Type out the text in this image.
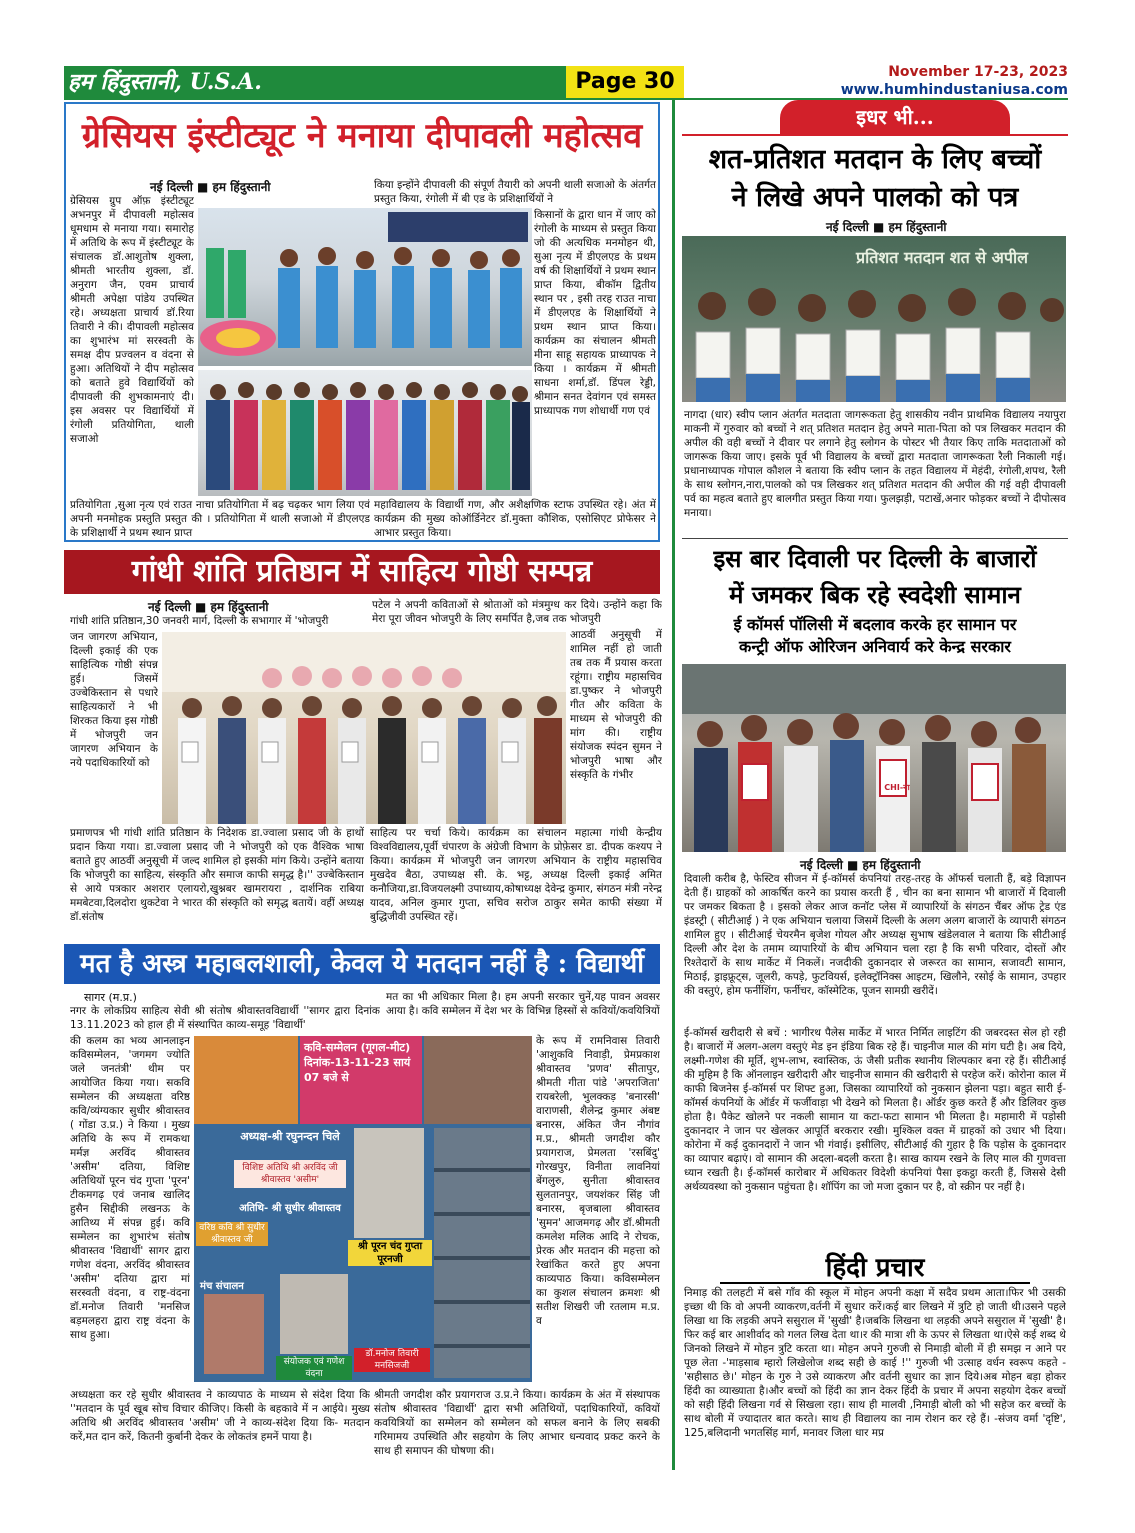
हम हिंदुस्तानी, U.S.A.	Page 30	November 17-23, 2023
www.humhindustaniusa.com
ग्रेसियस इंस्टीट्यूट ने मनाया दीपावली महोत्सव
नई दिल्ली ■ हम हिंदुस्तानी
ग्रेसियस ग्रुप ऑफ़ इंस्टीट्यूट अभनपुर में दीपावली महोत्सव धूमधाम से मनाया गया। समारोह में अतिथि के रूप में इंस्टीट्यूट के संचालक डॉ.आशुतोष शुक्ला, श्रीमती भारतीय शुक्ला, डॉ. अनुराग जैन, एवम प्राचार्य श्रीमती अपेक्षा पांडेय उपस्थित रहे। अध्यक्षता प्राचार्य डॉ.रिया तिवारी ने की। दीपावली महोत्सव का शुभारंभ मां सरस्वती के समक्ष दीप प्रज्वलन व वंदना से हुआ। अतिथियों ने दीप महोत्सव को बताते हुवे विद्यार्थियों को दीपावली की शुभकामनाएं दी। इस अवसर पर विद्यार्थियों में रंगोली प्रतियोगिता, थाली सजाओ
किया इन्होंने दीपावली की संपूर्ण तैयारी को अपनी थाली सजाओ के अंतर्गत प्रस्तुत किया, रंगोली में बी एड के प्रशिक्षार्थियों ने
किसानों के द्वारा धान में जाए को रंगोली के माध्यम से प्रस्तुत किया जो की अत्यधिक मनमोहन थी, सुआ नृत्य में डीएलएड के प्रथम वर्ष की शिक्षार्थियों ने प्रथम स्थान प्राप्त किया, बीकॉम द्वितीय स्थान पर , इसी तरह राउत नाचा में डीएलएड के शिक्षार्थियों ने प्रथम स्थान प्राप्त किया। कार्यक्रम का संचालन श्रीमती मीना साहू सहायक प्राध्यापक ने किया । कार्यक्रम में श्रीमती साधना शर्मा,डॉ. डिंपल रेड्डी, श्रीमान सनत देवांगन एवं समस्त प्राध्यापक गण शोधार्थी गण एवं
प्रतियोगिता ,सुआ नृत्य एवं राउत नाचा प्रतियोगिता में बढ़ चढ़कर भाग लिया एवं अपनी मनमोहक प्रस्तुति प्रस्तुत की । प्रतियोगिता में थाली सजाओ में डीएलएड के प्रशिक्षार्थी ने प्रथम स्थान प्राप्त
महाविद्यालय के विद्यार्थी गण, और अशैक्षणिक स्टाफ उपस्थित रहे। अंत में कार्यक्रम की मुख्य कोऑर्डिनेटर डॉ.मुक्ता कौशिक, एसोसिएट प्रोफेसर ने आभार प्रस्तुत किया।
गांधी शांति प्रतिष्ठान में साहित्य गोष्ठी सम्पन्न
नई दिल्ली ■ हम हिंदुस्तानी
गांधी शांति प्रतिष्ठान,30 जनवरी मार्ग, दिल्ली के सभागार में 'भोजपुरी
जन जागरण अभियान, दिल्ली इकाई की एक साहित्यिक गोष्ठी संपन्न हुई। जिसमें उज्बेकिस्तान से पधारे साहित्यकारों ने भी शिरकत किया इस गोष्ठी में भोजपुरी जन जागरण अभियान के नये पदाधिकारियों को
पटेल ने अपनी कविताओं से श्रोताओं को मंत्रमुग्ध कर दिये। उन्होंने कहा कि मेरा पूरा जीवन भोजपुरी के लिए समर्पित है,जब तक भोजपुरी
आठवीं अनुसूची में शामिल नहीं हो जाती तब तक मैं प्रयास करता रहूंगा। राष्ट्रीय महासचिव डा.पुष्कर ने भोजपुरी गीत और कविता के माध्यम से भोजपुरी की मांग की। राष्ट्रीय संयोजक स्पंदन सुमन ने भोजपुरी भाषा और संस्कृति के गंभीर
प्रमाणपत्र भी गांधी शांति प्रतिष्ठान के निदेशक डा.ज्वाला प्रसाद जी के हाथों प्रदान किया गया। डा.ज्वाला प्रसाद जी ने भोजपुरी को एक वैश्विक भाषा बताते हुए आठवीं अनुसूची में जल्द शामिल हो इसकी मांग किये। उन्होंने बताया कि भोजपुरी का साहित्य, संस्कृति और समाज काफी समृद्ध है।'' उज्बेकिस्तान से आये पत्रकार अशरार एलायरो,खुश्नबर खामरायरा , दार्शनिक राबिया ममबेटवा,दिलदोरा थुकटेवा ने भारत की संस्कृति को समृद्ध बतायें। वहीं अध्यक्ष डॉ.संतोष
साहित्य पर चर्चा किये। कार्यक्रम का संचालन महात्मा गांधी केन्द्रीय विश्वविद्यालय,पूर्वी चंपारण के अंग्रेजी विभाग के प्रोफ़ेसर डा. दीपक कश्यप ने किया। कार्यक्रम में भोजपुरी जन जागरण अभियान के राष्ट्रीय महासचिव मुखदेव बैठा, उपाध्यक्ष सी. के. भट्ट, अध्यक्ष दिल्ली इकाई अमित कनौजिया,डा.विजयलक्ष्मी उपाध्याय,कोषाध्यक्ष देवेन्द्र कुमार, संगठन मंत्री नरेन्द्र यादव, अनिल कुमार गुप्ता, सचिव सरोज ठाकुर समेत काफी संख्या में बुद्धिजीवी उपस्थित रहें।
मत है अस्त्र महाबलशाली, केवल ये मतदान नहीं है : विद्यार्थी
सागर (म.प्र.)
नगर के लोकप्रिय साहित्य सेवी श्री संतोष श्रीवास्तवविद्यार्थी ''सागर द्वारा दिनांक 13.11.2023 को हाल ही में संस्थापित काव्य-समूह 'विद्यार्थी'
की कलम का भव्य आनलाइन कविसम्मेलन, 'जगमग ज्योति जले जनतंत्री' थीम पर आयोजित किया गया। सकवि सम्मेलन की अध्यक्षता वरिष्ठ कवि/व्यंग्यकार सुधीर श्रीवास्तव ( गोंडा उ.प्र.) ने किया । मुख्य अतिथि के रूप में रामकथा मर्मज्ञ अरविंद श्रीवास्तव 'असीम' दतिया, विशिष्ट अतिथियों पूरन चंद गुप्ता 'पूरन' टीकमगढ़ एवं जनाब खालिद हुसैन सिद्दीकी लखनऊ के आतिथ्य में संपन्न हुई। कवि सम्मेलन का शुभारंभ संतोष श्रीवास्तव 'विद्यार्थी' सागर द्वारा गणेश वंदना, अरविंद श्रीवास्तव 'असीम' दतिया द्वारा मां सरस्वती वंदना, व राष्ट्र-वंदना डॉ.मनोज तिवारी 'मनसिज बड़मलहरा द्वारा राष्ट्र वंदना के साथ हुआ।
मत का भी अधिकार मिला है। हम अपनी सरकार चुनें,यह पावन अवसर आया है। कवि सम्मेलन में देश भर के विभिन्न हिस्सों से कवियों/कवयित्रियों
के रूप में रामनिवास तिवारी 'आशुकवि निवाड़ी, प्रेमप्रकाश श्रीवास्तव 'प्रणव' सीतापुर, श्रीमती गीता पांडे 'अपराजिता' रायबरेली, भुलक्कड़ 'बनारसी' वाराणसी, शैलेन्द्र कुमार अंबष्ट बनारस, अंकित जैन नौगांव म.प्र., श्रीमती जगदीश कौर प्रयागराज, प्रेमलता 'रसबिंदु' गोरखपुर, विनीता लावनियां बेंगलुरु, सुनीता श्रीवास्तव सुलतानपुर, जयशंकर सिंह जी बनारस, बृजबाला श्रीवास्तव 'सुमन' आजमगढ़ और डॉ.श्रीमती कमलेश मलिक आदि ने रोचक, प्रेरक और मतदान की महत्ता को रेखांकित करते हुए अपना काव्यपाठ किया। कविसम्मेलन का कुशल संचालन क्रमशः श्री सतीश शिखरी जी रतलाम म.प्र. व
कवि-सम्मेलन (गूगल-मीट) दिनांक-13-11-23 सायं 07 बजे से
अध्यक्ष-श्री रघुनन्दन चिले
विशिष्ट अतिथि श्री अरविंद जी श्रीवास्तव 'असीम'
अतिथि- श्री सुधीर श्रीवास्तव
वरिष्ठ कवि श्री सुधीर श्रीवास्तव जी
श्री पूरन चंद गुप्ता पूरनजी
मंच संचालन
संयोजक एवं गणेश वंदना
डॉ.मनोज तिवारी मनसिजजी
अध्यक्षता कर रहे सुधीर श्रीवास्तव ने काव्यपाठ के माध्यम से संदेश दिया कि ''मतदान के पूर्व खूब सोच विचार कीजिए। किसी के बहकावे में न आईये। मुख्य अतिथि श्री अरविंद श्रीवास्तव 'असीम' जी ने काव्य-संदेश दिया कि- मतदान करें,मत दान करें, कितनी कुर्बानी देकर के लोकतंत्र हमनें पाया है।
श्रीमती जगदीश कौर प्रयागराज उ.प्र.ने किया। कार्यक्रम के अंत में संस्थापक संतोष श्रीवास्तव 'विद्यार्थी' द्वारा सभी अतिथियों, पदाधिकारियों, कवियों कवयित्रियों का सम्मेलन को सम्मेलन को सफल बनाने के लिए सबकी गरिमामय उपस्थिति और सहयोग के लिए आभार धन्यवाद प्रकट करने के साथ ही समापन की घोषणा की।
इधर भी...
शत-प्रतिशत मतदान के लिए बच्चों
ने लिखे अपने पालको को पत्र
नई दिल्ली ■ हम हिंदुस्तानी
प्रतिशत मतदान शत से अपील
नागदा (धार) स्वीप प्लान अंतर्गत मतदाता जागरूकता हेतु शासकीय नवीन प्राथमिक विद्यालय नयापुरा माकनी में गुरुवार को बच्चों ने शत् प्रतिशत मतदान हेतु अपने माता-पिता को पत्र लिखकर मतदान की अपील की वही बच्चों ने दीवार पर लगाने हेतु स्लोगन के पोस्टर भी तैयार किए ताकि मतदाताओं को जागरूक किया जाए। इसके पूर्व भी विद्यालय के बच्चों द्वारा मतदाता जागरूकता रैली निकाली गई। प्रधानाध्यापक गोपाल कौशल ने बताया कि स्वीप प्लान के तहत विद्यालय में मेहंदी, रंगोली,शपथ, रैली के साथ स्लोगन,नारा,पालको को पत्र लिखकर शत् प्रतिशत मतदान की अपील की गई वही दीपावली पर्व का महत्व बताते हुए बालगीत प्रस्तुत किया गया। फुलझड़ी, पटाखें,अनार फोड़कर बच्चों ने दीपोत्सव मनाया।
इस बार दिवाली पर दिल्ली के बाजारों
में जमकर बिक रहे स्वदेशी सामान
ई कॉमर्स पॉलिसी में बदलाव करके हर सामान पर
कन्ट्री ऑफ ओरिजन अनिवार्य करे केन्द्र सरकार
CHI-ना
नई दिल्ली ■ हम हिंदुस्तानी
दिवाली करीब है, फेस्टिव सीजन में ई-कॉमर्स कंपनियां तरह-तरह के ऑफर्स चलाती हैं, बड़े विज्ञापन देती हैं। ग्राहकों को आकर्षित करने का प्रयास करती हैं , चीन का बना सामान भी बाजारों में दिवाली पर जमकर बिकता है । इसको लेकर आज कनॉट प्लेस में व्यापारियों के संगठन चैंबर ऑफ ट्रेड एंड इंडस्ट्री ( सीटीआई ) ने एक अभियान चलाया जिसमें दिल्ली के अलग अलग बाजारों के व्यापारी संगठन शामिल हुए । सीटीआई चेयरमैन बृजेश गोयल और अध्यक्ष सुभाष खंडेलवाल ने बताया कि सीटीआई दिल्ली और देश के तमाम व्यापारियों के बीच अभियान चला रहा है कि सभी परिवार, दोस्तों और रिश्तेदारों के साथ मार्केट में निकलें। नजदीकी दुकानदार से जरूरत का सामान, सजावटी सामान, मिठाई, ड्राइफ्रूट्स, जूलरी, कपड़े, फुटवियर्स, इलेक्ट्रॉनिक्स आइटम, खिलौने, रसोई के सामान, उपहार की वस्तुएं, होम फर्नीशिंग, फर्नीचर, कॉस्मेटिक, पूजन सामग्री खरीदें।
ई-कॉमर्स खरीदारी से बचें : भागीरथ पैलेस मार्केट में भारत निर्मित लाइटिंग की जबरदस्त सेल हो रही है। बाजारों में अलग-अलग वस्तुएं मेड इन इंडिया बिक रहे हैं। चाइनीज माल की मांग घटी है। अब दिये, लक्ष्मी-गणेश की मूर्ति, शुभ-लाभ, स्वास्तिक, ऊं जैसी प्रतीक स्थानीय शिल्पकार बना रहे हैं। सीटीआई की मुहिम है कि ऑनलाइन खरीदारी और चाइनीज सामान की खरीदारी से परहेज करें। कोरोना काल में काफी बिजनेस ई-कॉमर्स पर शिफ्ट हुआ, जिसका व्यापारियों को नुकसान झेलना पड़ा। बहुत सारी ई-कॉमर्स कंपनियों के ऑर्डर में फर्जीवाड़ा भी देखने को मिलता है। ऑर्डर कुछ करते हैं और डिलिवर कुछ होता है। पैकेट खोलने पर नकली सामान या कटा-फटा सामान भी मिलता है। महामारी में पड़ोसी दुकानदार ने जान पर खेलकर आपूर्ति बरकरार रखी। मुश्किल वक्त में ग्राहकों को उधार भी दिया। कोरोना में कई दुकानदारों ने जान भी गंवाई। इसीलिए, सीटीआई की गुहार है कि पड़ोस के दुकानदार का व्यापार बढ़ाएं। वो सामान की अदला-बदली करता है। साख कायम रखने के लिए माल की गुणवत्ता ध्यान रखती है। ई-कॉमर्स कारोबार में अधिकतर विदेशी कंपनियां पैसा इकट्ठा करती हैं, जिससे देसी अर्थव्यवस्था को नुकसान पहुंचता है। शॉपिंग का जो मजा दुकान पर है, वो स्क्रीन पर नहीं है।
हिंदी प्रचार
निमाड़ की तलहटी में बसे गाँव की स्कूल में मोहन अपनी कक्षा में सदैव प्रथम आता।फिर भी उसकी इच्छा थी कि वो अपनी व्याकरण,वर्तनी में सुधार करें।कई बार लिखने में त्रुटि हो जाती थी।उसने पहले लिखा था कि लड़की अपने ससुराल में 'सुखी' है।जबकि लिखना था लड़की अपने ससुराल में 'सुखी' है।फिर कई बार आशीर्वाद को गलत लिख देता था।र की मात्रा शी के ऊपर से लिखता था।ऐसे कई शब्द थे जिनको लिखने में मोहन त्रुटि करता था। मोहन अपने गुरुजी से निमाड़ी बोली में ही समझ न आने पर पूछ लेता -'माड़साब म्हारो लिखेलोज शब्द सही छे काई !'' गुरुजी भी उत्साह वर्धन स्वरूप कहते -'सहीसाठ छे।' मोहन के गुरु ने उसे व्याकरण और वर्तनी सुधार का ज्ञान दिये।अब मोहन बड़ा होकर हिंदी का व्याख्याता है।और बच्चों को हिंदी का ज्ञान देकर हिंदी के प्रचार में अपना सहयोग देकर बच्चों को सही हिंदी लिखना गर्व से सिखला रहा। साथ ही मालवी ,निमाड़ी बोली को भी सहेज कर बच्चों के साथ बोली में ज्यादातर बात करते। साथ ही विद्यालय का नाम रोशन कर रहे हैं। -संजय वर्मा 'दृष्टि', 125,बलिदानी भगतसिंह मार्ग, मनावर जिला धार मप्र
